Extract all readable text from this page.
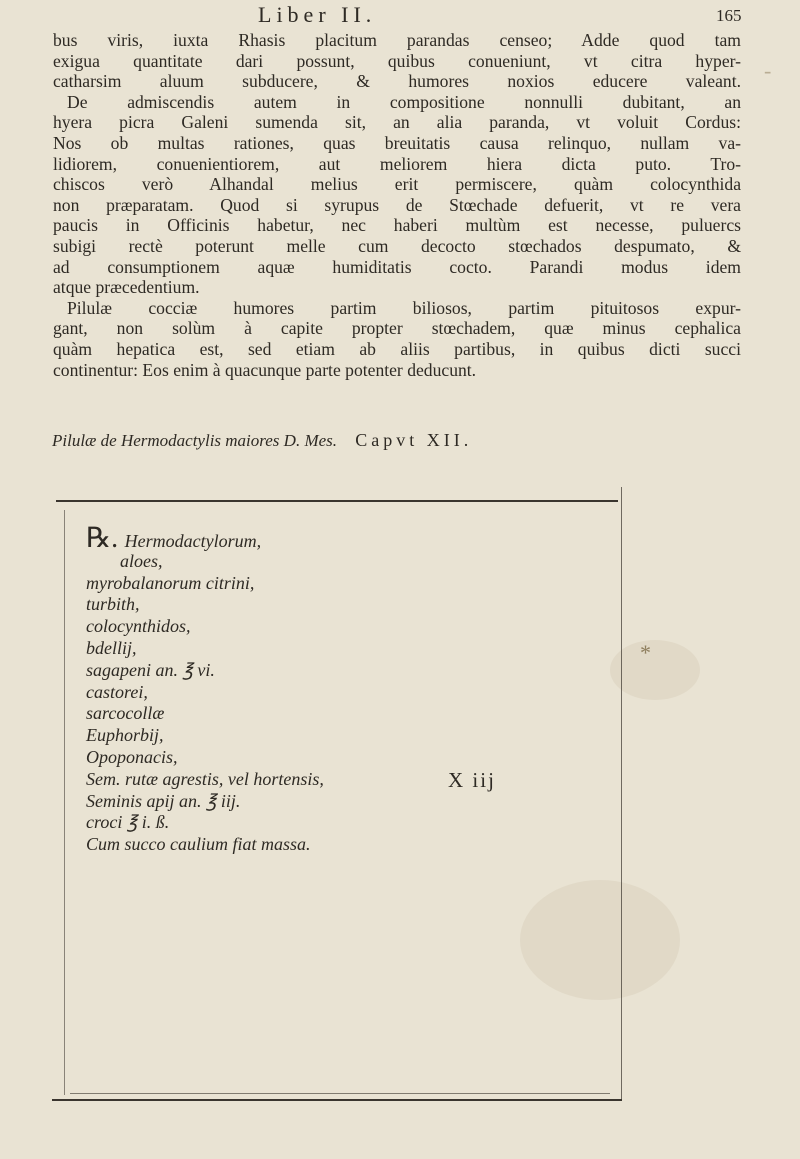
Liber II.	165
bus viris, iuxta Rhasis placitum parandas censeo; Adde quod tam
exigua quantitate dari possunt, quibus conueniunt, vt citra hyper-
catharsim aluum subducere, & humores noxios educere valeant.
De admiscendis autem in compositione nonnulli dubitant, an
hyera picra Galeni sumenda sit, an alia paranda, vt voluit Cordus:
Nos ob multas rationes, quas breuitatis causa relinquo, nullam va-
lidiorem, conuenientiorem, aut meliorem hiera dicta puto. Tro-
chiscos verò Alhandal melius erit permiscere, quàm colocynthida
non præparatam. Quod si syrupus de Stœchade defuerit, vt re vera
paucis in Officinis habetur, nec haberi multùm est necesse, puluercs
subigi rectè poterunt melle cum decocto stœchados despumato, &
ad consumptionem aquæ humiditatis cocto. Parandi modus idem
atque præcedentium.
Pilulæ cocciæ humores partim biliosos, partim pituitosos expur-
gant, non solùm à capite propter stœchadem, quæ minus cephalica
quàm hepatica est, sed etiam ab aliis partibus, in quibus dicti succi
continentur: Eos enim à quacunque parte potenter deducunt.
Pilulæ de Hermodactylis maiores D. Mes. Capvt XII.
℞. Hermodactylorum,
aloes,
myrobalanorum citrini,
turbith,
colocynthidos,
bdellij,
sagapeni an. ℥ vi.
castorei,
sarcocollæ
Euphorbij,
Opoponacis,
Sem. rutæ agrestis, vel hortensis,
Seminis apij an. ℥ iij.
croci ℥ i. ß.
Cum succo caulium fiat massa.
X iij
-
*
